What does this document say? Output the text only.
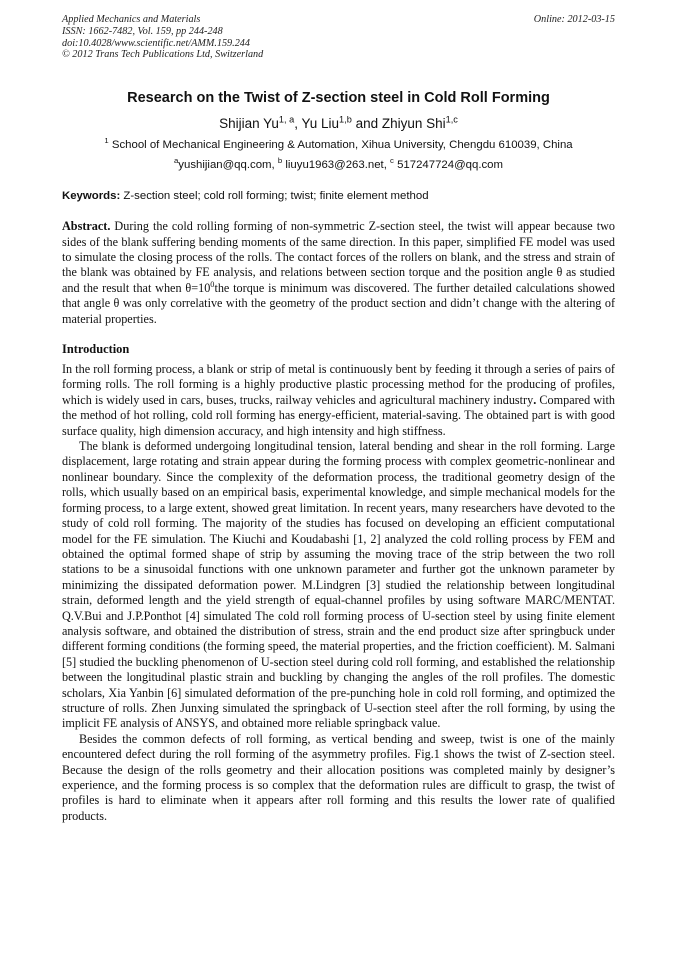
Applied Mechanics and Materials
ISSN: 1662-7482, Vol. 159, pp 244-248
doi:10.4028/www.scientific.net/AMM.159.244
© 2012 Trans Tech Publications Ltd, Switzerland
Online: 2012-03-15
Research on the Twist of Z-section steel in Cold Roll Forming
Shijian Yu$^{1, a}$, Yu Liu$^{1,b}$ and Zhiyun Shi$^{1,c}$
$^1$ School of Mechanical Engineering & Automation, Xihua University, Chengdu 610039, China
$^a$yushijian@qq.com, $^b$ liuyu1963@263.net, $^c$ 517247724@qq.com
Keywords: Z-section steel; cold roll forming; twist; finite element method

Abstract. During the cold rolling forming of non-symmetric Z-section steel, the twist will appear because two sides of the blank suffering bending moments of the same direction. In this paper, simplified FE model was used to simulate the closing process of the rolls. The contact forces of the rollers on blank, and the stress and strain of the blank was obtained by FE analysis, and relations between section torque and the position angle θ as studied and the result that when $\theta=10^0the$ torque is minimum was discovered. The further detailed calculations showed that angle θ was only correlative with the geometry of the product section and didn’t change with the altering of material properties.

Introduction

In the roll forming process, a blank or strip of metal is continuously bent by feeding it through a series of pairs of forming rolls. The roll forming is a highly productive plastic processing method for the producing of profiles, which is widely used in cars, buses, trucks, railway vehicles and agricultural machinery industry. Compared with the method of hot rolling, cold roll forming has energy-efficient, material-saving. The obtained part is with good surface quality, high dimension accuracy, and high intensity and high stiffness.

The blank is deformed undergoing longitudinal tension, lateral bending and shear in the roll forming. Large displacement, large rotating and strain appear during the forming process with complex geometric-nonlinear and nonlinear boundary. Since the complexity of the deformation process, the traditional geometry design of the rolls, which usually based on an empirical basis, experimental knowledge, and simple mechanical models for the forming process, to a large extent, showed great limitation. In recent years, many researchers have devoted to the study of cold roll forming. The majority of the studies has focused on developing an efficient computational model for the FE simulation. The Kiuchi and Koudabashi [1, 2] analyzed the cold rolling process by FEM and obtained the optimal formed shape of strip by assuming the moving trace of the strip between the two roll stations to be a sinusoidal functions with one unknown parameter and further got the unknown parameter by minimizing the dissipated deformation power. M.Lindgren [3] studied the relationship between longitudinal strain, deformed length and the yield strength of equal-channel profiles by using software MARC/MENTAT. Q.V.Bui and J.P.Ponthot [4] simulated The cold roll forming process of U-section steel by using finite element analysis software, and obtained the distribution of stress, strain and the end product size after springbuck under different forming conditions (the forming speed, the material properties, and the friction coefficient). M. Salmani [5] studied the buckling phenomenon of U-section steel during cold roll forming, and established the relationship between the longitudinal plastic strain and buckling by changing the angles of the roll profiles. The domestic scholars, Xia Yanbin [6] simulated deformation of the pre-punching hole in cold roll forming, and optimized the structure of rolls. Zhen Junxing simulated the springback of U-section steel after the roll forming, by using the implicit FE analysis of ANSYS, and obtained more reliable springback value.

Besides the common defects of roll forming, as vertical bending and sweep, twist is one of the mainly encountered defect during the roll forming of the asymmetry profiles. Fig.1 shows the twist of Z-section steel. Because the design of the rolls geometry and their allocation positions was completed mainly by designer’s experience, and the forming process is so complex that the deformation rules are difficult to grasp, the twist of profiles is hard to eliminate when it appears after roll forming and this results the lower rate of qualified products.
